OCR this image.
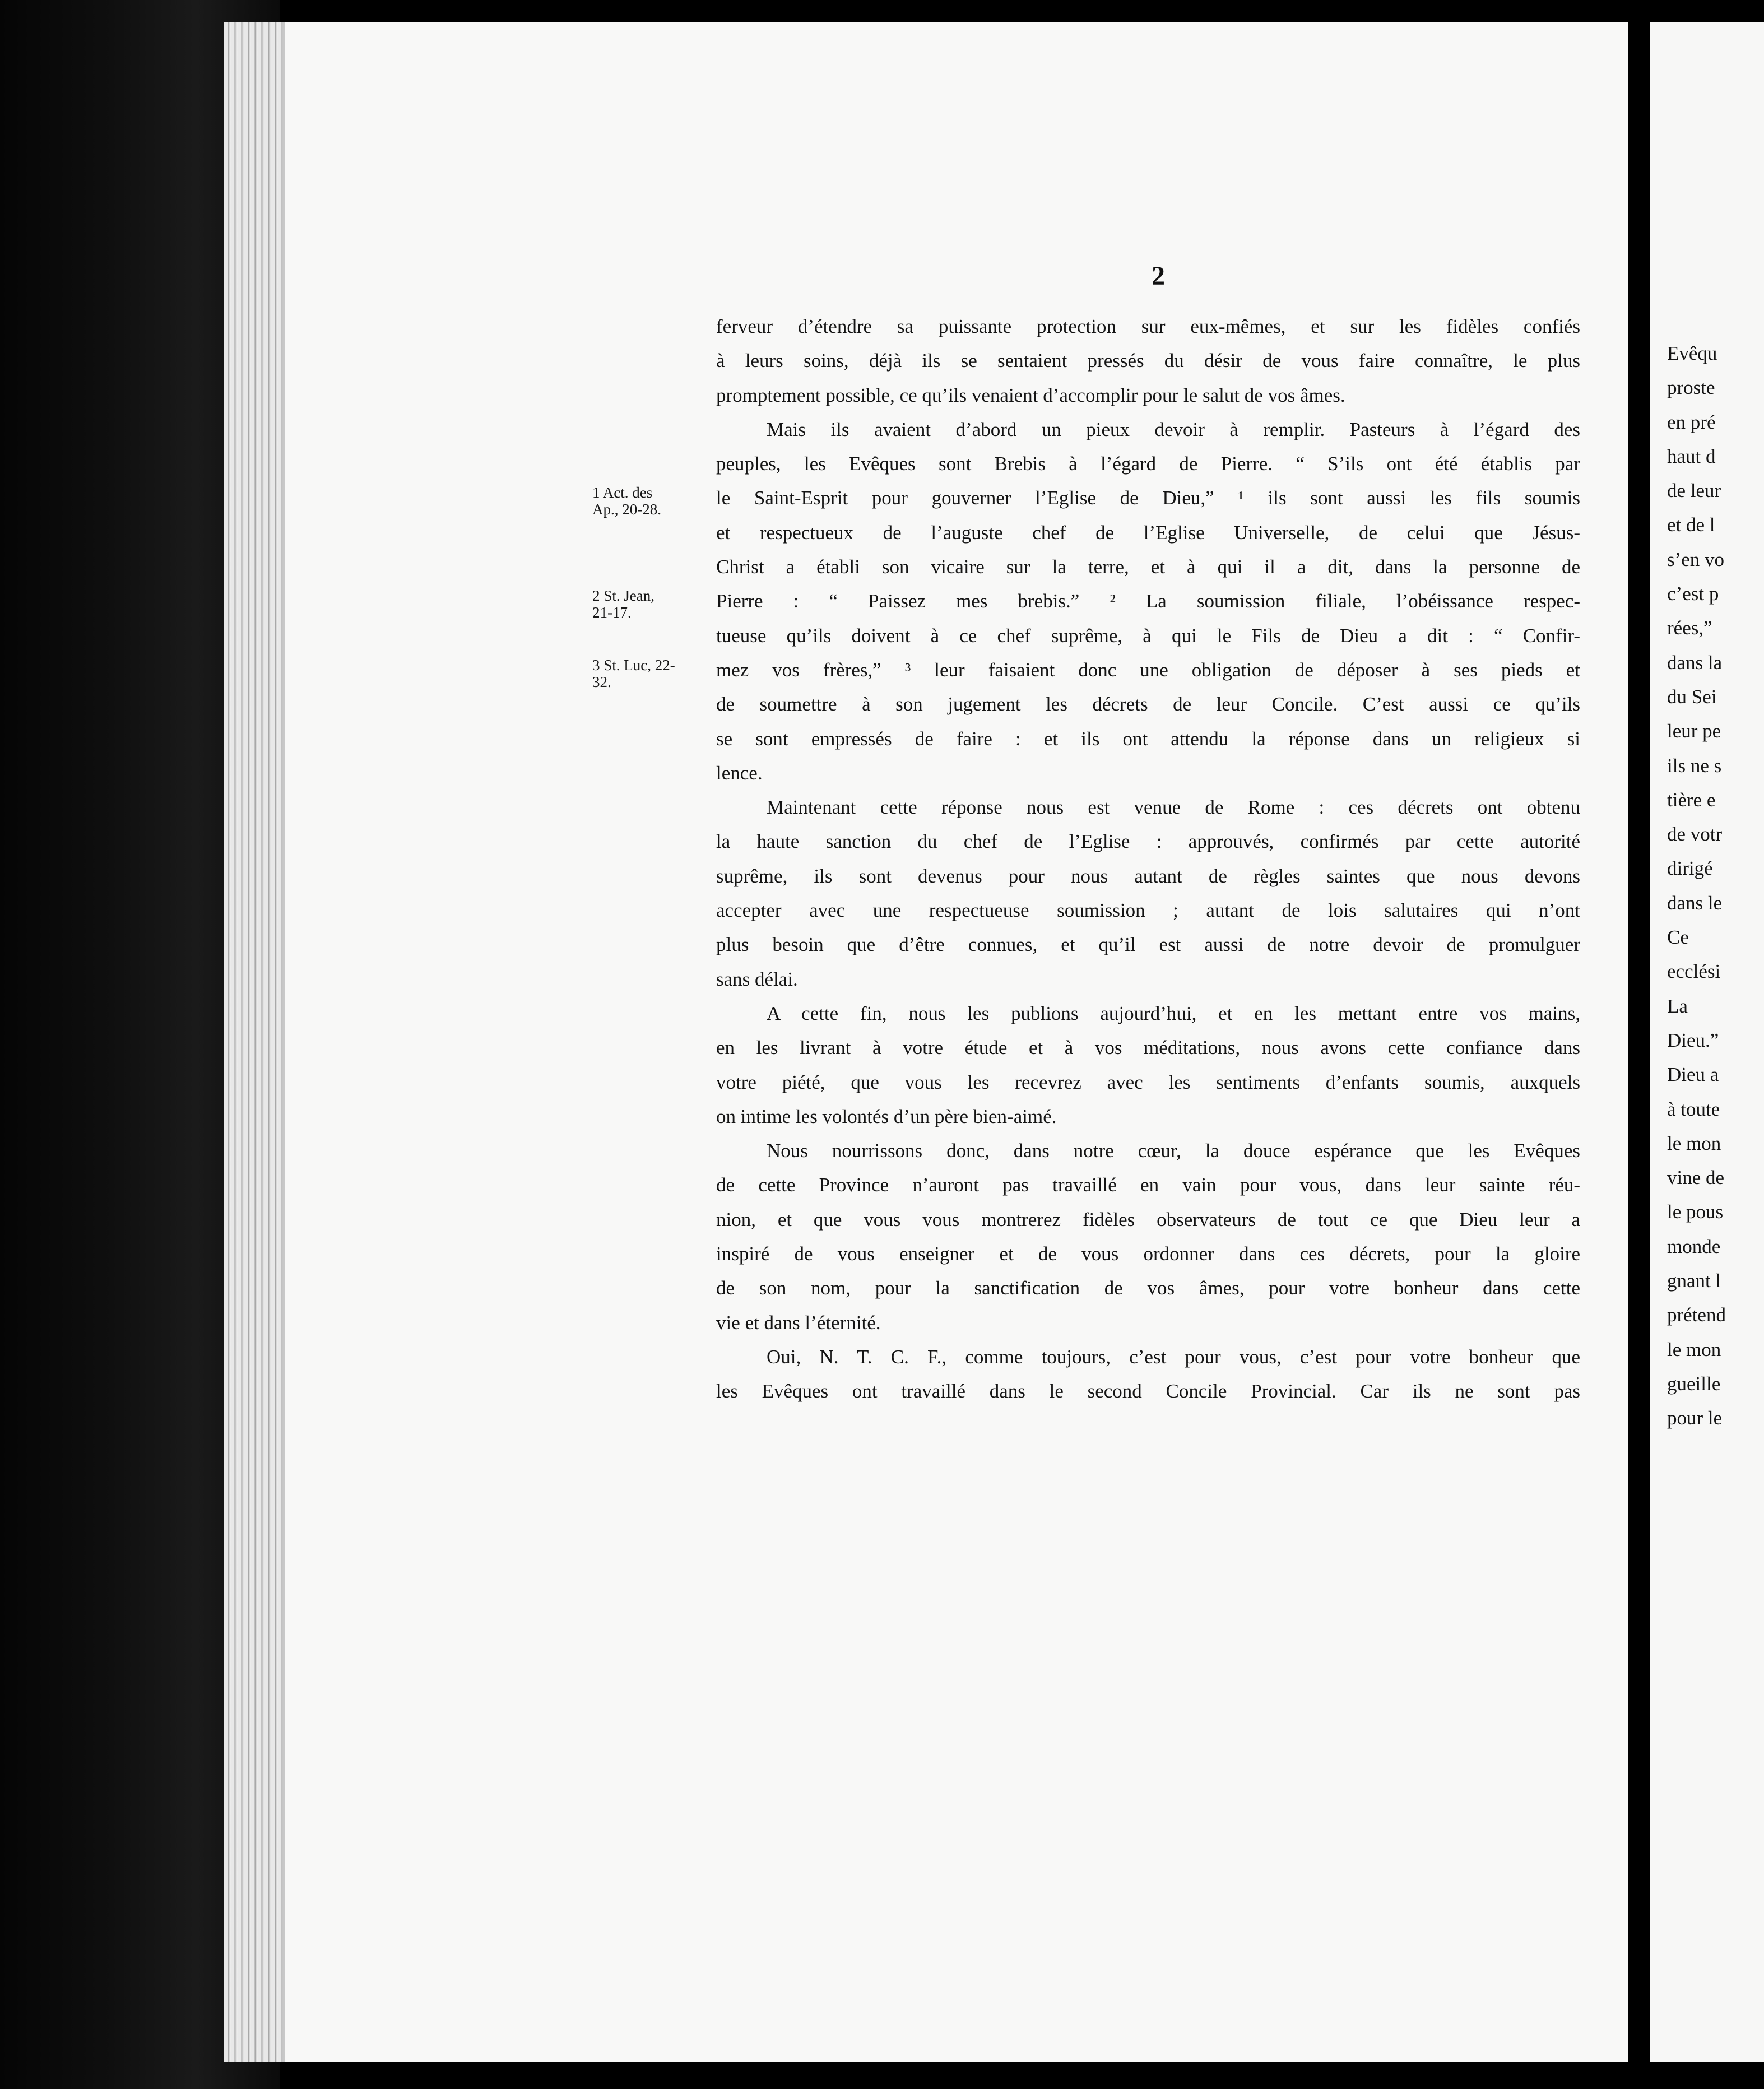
2
ferveur d’étendre sa puissante protection sur eux-mêmes, et sur les fidèles confiés
à leurs soins, déjà ils se sentaient pressés du désir de vous faire connaître, le plus
promptement possible, ce qu’ils venaient d’accomplir pour le salut de vos âmes.
Mais ils avaient d’abord un pieux devoir à remplir. Pasteurs à l’égard des
peuples, les Evêques sont Brebis à l’égard de Pierre. “ S’ils ont été établis par
le Saint-Esprit pour gouverner l’Eglise de Dieu,” ¹ ils sont aussi les fils soumis
et respectueux de l’auguste chef de l’Eglise Universelle, de celui que Jésus-
Christ a établi son vicaire sur la terre, et à qui il a dit, dans la personne de
Pierre : “ Paissez mes brebis.” ² La soumission filiale, l’obéissance respec-
tueuse qu’ils doivent à ce chef suprême, à qui le Fils de Dieu a dit : “ Confir-
mez vos frères,” ³ leur faisaient donc une obligation de déposer à ses pieds et
de soumettre à son jugement les décrets de leur Concile. C’est aussi ce qu’ils
se sont empressés de faire : et ils ont attendu la réponse dans un religieux si
lence.
Maintenant cette réponse nous est venue de Rome : ces décrets ont obtenu
la haute sanction du chef de l’Eglise : approuvés, confirmés par cette autorité
suprême, ils sont devenus pour nous autant de règles saintes que nous devons
accepter avec une respectueuse soumission ; autant de lois salutaires qui n’ont
plus besoin que d’être connues, et qu’il est aussi de notre devoir de promulguer
sans délai.
A cette fin, nous les publions aujourd’hui, et en les mettant entre vos mains,
en les livrant à votre étude et à vos méditations, nous avons cette confiance dans
votre piété, que vous les recevrez avec les sentiments d’enfants soumis, auxquels
on intime les volontés d’un père bien-aimé.
Nous nourrissons donc, dans notre cœur, la douce espérance que les Evêques
de cette Province n’auront pas travaillé en vain pour vous, dans leur sainte réu-
nion, et que vous vous montrerez fidèles observateurs de tout ce que Dieu leur a
inspiré de vous enseigner et de vous ordonner dans ces décrets, pour la gloire
de son nom, pour la sanctification de vos âmes, pour votre bonheur dans cette
vie et dans l’éternité.
Oui, N. T. C. F., comme toujours, c’est pour vous, c’est pour votre bonheur que
les Evêques ont travaillé dans le second Concile Provincial. Car ils ne sont pas
1 Act. des
Ap., 20-28.
2 St. Jean,
21-17.
3 St. Luc, 22-
32.
Evêqu
proste
en pré
haut d
de leur
et de l
s’en vo
c’est p
rées,”
dans la
du Sei
leur pe
ils ne s
tière e
de votr
dirigé
dans le
Ce
ecclési
La
Dieu.”
Dieu a
à toute
le mon
vine de
le pous
monde
gnant l
prétend
le mon
gueille
pour le
